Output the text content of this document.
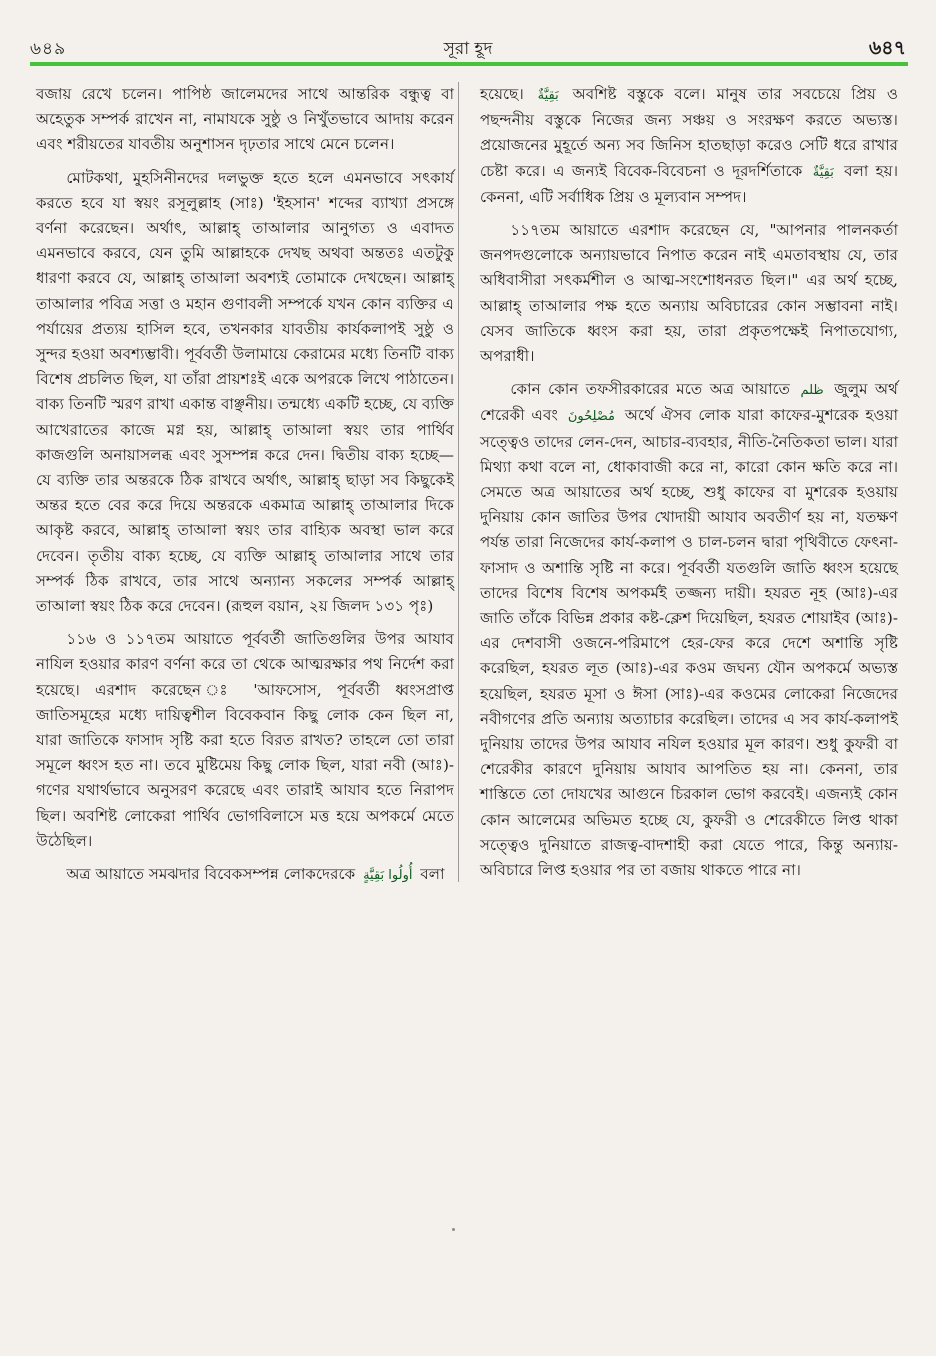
৬৪৯	সূরা হূদ	৬৪৭

বজায় রেখে চলেন। পাপিষ্ঠ জালেমদের সাথে আন্তরিক বন্ধুত্ব বা অহেতুক সম্পর্ক রাখেন না, নামাযকে সুষ্ঠু ও নিখুঁতভাবে আদায় করেন এবং শরীয়তের যাবতীয় অনুশাসন দৃঢ়তার সাথে মেনে চলেন।

মোটকথা, মুহসিনীনদের দলভুক্ত হতে হলে এমনভাবে সৎকার্য করতে হবে যা স্বয়ং রসূলুল্লাহ (সাঃ) 'ইহসান' শব্দের ব্যাখ্যা প্রসঙ্গে বর্ণনা করেছেন। অর্থাৎ, আল্লাহ্ তাআলার আনুগত্য ও এবাদত এমনভাবে করবে, যেন তুমি আল্লাহকে দেখছ অথবা অন্ততঃ এতটুকু ধারণা করবে যে, আল্লাহ্ তাআলা অবশ্যই তোমাকে দেখছেন। আল্লাহ্ তাআলার পবিত্র সত্তা ও মহান গুণাবলী সম্পর্কে যখন কোন ব্যক্তির এ পর্যায়ের প্রত্যয় হাসিল হবে, তখনকার যাবতীয় কার্যকলাপই সুষ্ঠু ও সুন্দর হওয়া অবশ্যম্ভাবী। পূর্ববর্তী উলামায়ে কেরামের মধ্যে তিনটি বাক্য বিশেষ প্রচলিত ছিল, যা তাঁরা প্রায়শঃই একে অপরকে লিখে পাঠাতেন। বাক্য তিনটি স্মরণ রাখা একান্ত বাঞ্ছনীয়। তন্মধ্যে একটি হচ্ছে, যে ব্যক্তি আখেরাতের কাজে মগ্ন হয়, আল্লাহ্ তাআলা স্বয়ং তার পার্থিব কাজগুলি অনায়াসলব্ধ এবং সুসম্পন্ন করে দেন। দ্বিতীয় বাক্য হচ্ছে—যে ব্যক্তি তার অন্তরকে ঠিক রাখবে অর্থাৎ, আল্লাহ্ ছাড়া সব কিছুকেই অন্তর হতে বের করে দিয়ে অন্তরকে একমাত্র আল্লাহ্ তাআলার দিকে আকৃষ্ট করবে, আল্লাহ্ তাআলা স্বয়ং তার বাহ্যিক অবস্থা ভাল করে দেবেন। তৃতীয় বাক্য হচ্ছে, যে ব্যক্তি আল্লাহ্ তাআলার সাথে তার সম্পর্ক ঠিক রাখবে, তার সাথে অন্যান্য সকলের সম্পর্ক আল্লাহ্ তাআলা স্বয়ং ঠিক করে দেবেন। (রূহুল বয়ান, ২য় জিলদ ১৩১ পৃঃ)

১১৬ ও ১১৭তম আয়াতে পূর্ববর্তী জাতিগুলির উপর আযাব নাযিল হওয়ার কারণ বর্ণনা করে তা থেকে আত্মরক্ষার পথ নির্দেশ করা হয়েছে। এরশাদ করেছেন ঃ 'আফসোস, পূর্ববর্তী ধ্বংসপ্রাপ্ত জাতিসমূহের মধ্যে দায়িত্বশীল বিবেকবান কিছু লোক কেন ছিল না, যারা জাতিকে ফাসাদ সৃষ্টি করা হতে বিরত রাখত? তাহলে তো তারা সমূলে ধ্বংস হত না। তবে মুষ্টিমেয় কিছু লোক ছিল, যারা নবী (আঃ)-গণের যথার্থভাবে অনুসরণ করেছে এবং তারাই আযাব হতে নিরাপদ ছিল। অবশিষ্ট লোকেরা পার্থিব ভোগবিলাসে মত্ত হয়ে অপকর্মে মেতে উঠেছিল।

অত্র আয়াতে সমঝদার বিবেকসম্পন্ন লোকদেরকে أُولُوا بَقِيَّةٍ বলা

হয়েছে। بَقِيَّةٌ অবশিষ্ট বস্তুকে বলে। মানুষ তার সবচেয়ে প্রিয় ও পছন্দনীয় বস্তুকে নিজের জন্য সঞ্চয় ও সংরক্ষণ করতে অভ্যস্ত। প্রয়োজনের মুহূর্তে অন্য সব জিনিস হাতছাড়া করেও সেটি ধরে রাখার চেষ্টা করে। এ জন্যই বিবেক-বিবেচনা ও দূরদর্শিতাকে بَقِيَّةٌ বলা হয়। কেননা, এটি সর্বাধিক প্রিয় ও মূল্যবান সম্পদ।

১১৭তম আয়াতে এরশাদ করেছেন যে, "আপনার পালনকর্তা জনপদগুলোকে অন্যায়ভাবে নিপাত করেন নাই এমতাবস্থায় যে, তার অধিবাসীরা সৎকর্মশীল ও আত্ম-সংশোধনরত ছিল।" এর অর্থ হচ্ছে, আল্লাহ্ তাআলার পক্ষ হতে অন্যায় অবিচারের কোন সম্ভাবনা নাই। যেসব জাতিকে ধ্বংস করা হয়, তারা প্রকৃতপক্ষেই নিপাতযোগ্য, অপরাধী।

কোন কোন তফসীরকারের মতে অত্র আয়াতে ظلم জুলুম অর্থ শেরেকী এবং مُصْلِحُونَ অর্থে ঐসব লোক যারা কাফের-মুশরেক হওয়া সত্ত্বেও তাদের লেন-দেন, আচার-ব্যবহার, নীতি-নৈতিকতা ভাল। যারা মিথ্যা কথা বলে না, ধোকাবাজী করে না, কারো কোন ক্ষতি করে না। সেমতে অত্র আয়াতের অর্থ হচ্ছে, শুধু কাফের বা মুশরেক হওয়ায় দুনিয়ায় কোন জাতির উপর খোদায়ী আযাব অবতীর্ণ হয় না, যতক্ষণ পর্যন্ত তারা নিজেদের কার্য-কলাপ ও চাল-চলন দ্বারা পৃথিবীতে ফেৎনা-ফাসাদ ও অশান্তি সৃষ্টি না করে। পূর্ববর্তী যতগুলি জাতি ধ্বংস হয়েছে তাদের বিশেষ বিশেষ অপকর্মই তজ্জন্য দায়ী। হযরত নূহ (আঃ)-এর জাতি তাঁকে বিভিন্ন প্রকার কষ্ট-ক্লেশ দিয়েছিল, হযরত শোয়াইব (আঃ)-এর দেশবাসী ওজনে-পরিমাপে হের-ফের করে দেশে অশান্তি সৃষ্টি করেছিল, হযরত লূত (আঃ)-এর কওম জঘন্য যৌন অপকর্মে অভ্যস্ত হয়েছিল, হযরত মূসা ও ঈসা (সাঃ)-এর কওমের লোকেরা নিজেদের নবীগণের প্রতি অন্যায় অত্যাচার করেছিল। তাদের এ সব কার্য-কলাপই দুনিয়ায় তাদের উপর আযাব নযিল হওয়ার মূল কারণ। শুধু কুফরী বা শেরেকীর কারণে দুনিয়ায় আযাব আপতিত হয় না। কেননা, তার শাস্তিতে তো দোযখের আগুনে চিরকাল ভোগ করবেই। এজন্যই কোন কোন আলেমের অভিমত হচ্ছে যে, কুফরী ও শেরেকীতে লিপ্ত থাকা সত্ত্বেও দুনিয়াতে রাজত্ব-বাদশাহী করা যেতে পারে, কিন্তু অন্যায়-অবিচারে লিপ্ত হওয়ার পর তা বজায় থাকতে পারে না।
